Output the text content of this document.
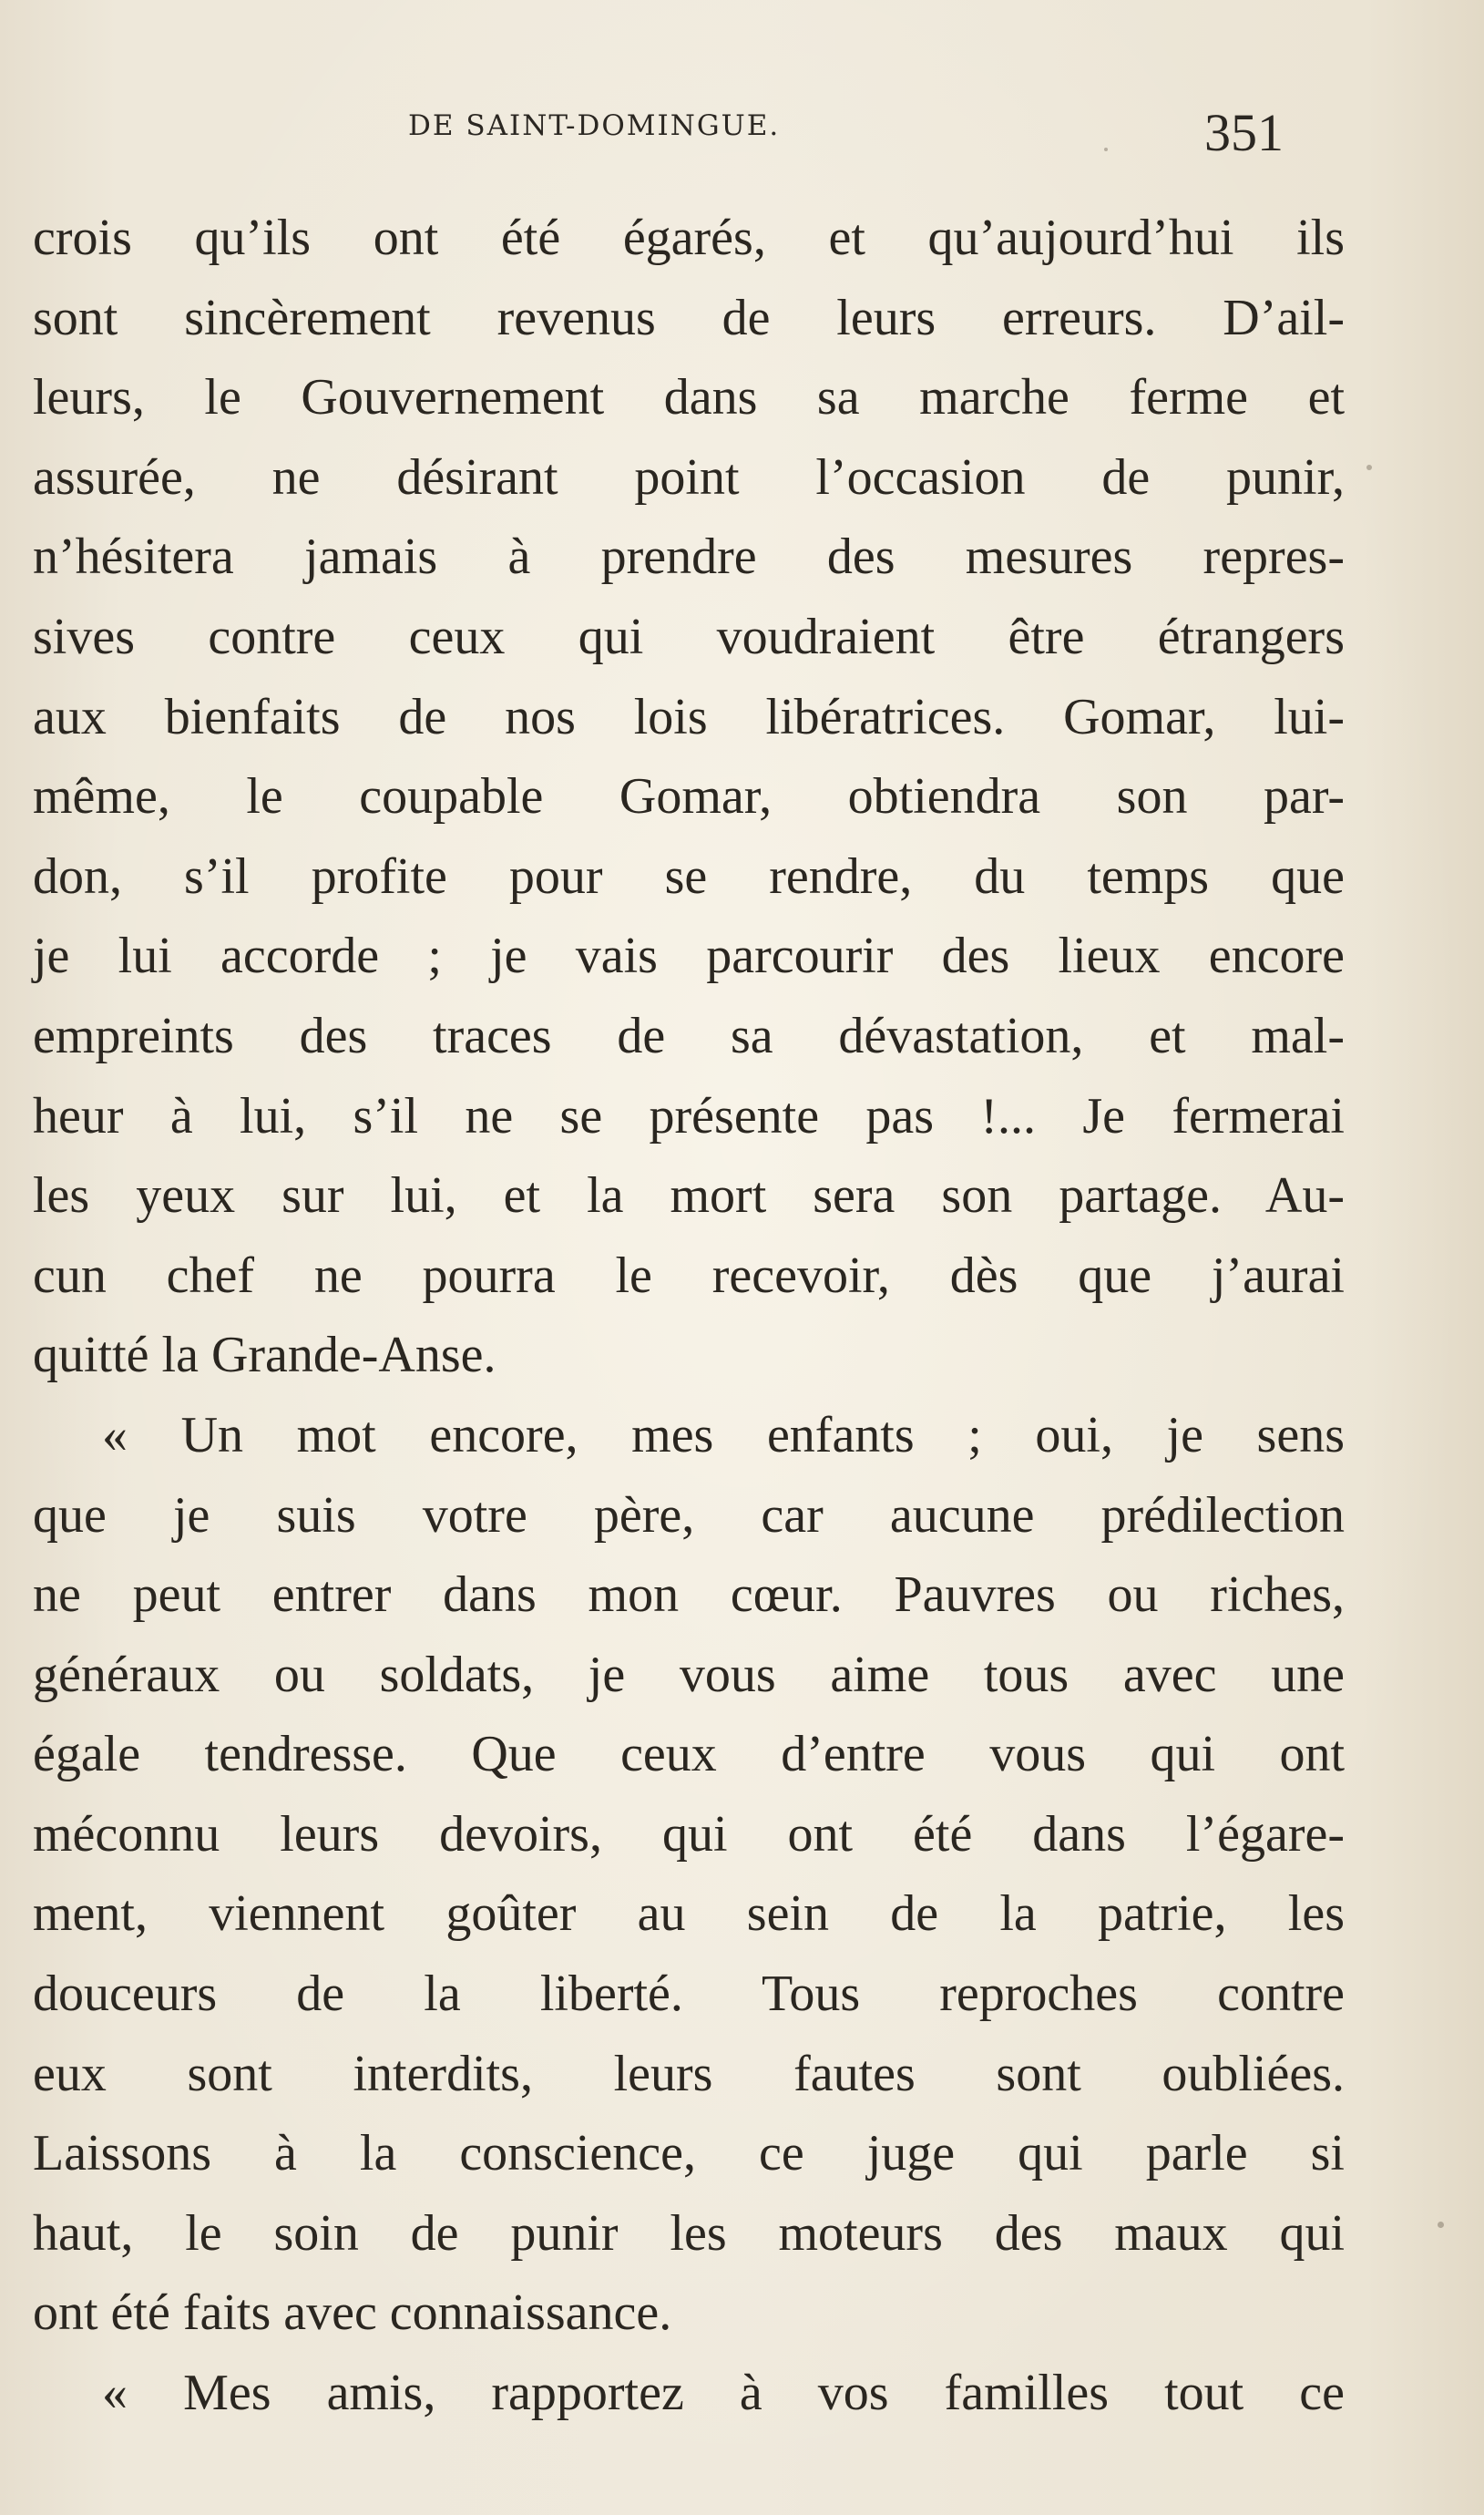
DE SAINT-DOMINGUE.	351
crois qu’ils ont été égarés, et qu’aujourd’hui ils
sont sincèrement revenus de leurs erreurs. D’ail-
leurs, le Gouvernement dans sa marche ferme et
assurée, ne désirant point l’occasion de punir,
n’hésitera jamais à prendre des mesures repres-
sives contre ceux qui voudraient être étrangers
aux bienfaits de nos lois libératrices. Gomar, lui-
même, le coupable Gomar, obtiendra son par-
don, s’il profite pour se rendre, du temps que
je lui accorde ; je vais parcourir des lieux encore
empreints des traces de sa dévastation, et mal-
heur à lui, s’il ne se présente pas !... Je fermerai
les yeux sur lui, et la mort sera son partage. Au-
cun chef ne pourra le recevoir, dès que j’aurai
quitté la Grande-Anse.
« Un mot encore, mes enfants ; oui, je sens
que je suis votre père, car aucune prédilection
ne peut entrer dans mon cœur. Pauvres ou riches,
généraux ou soldats, je vous aime tous avec une
égale tendresse. Que ceux d’entre vous qui ont
méconnu leurs devoirs, qui ont été dans l’égare-
ment, viennent goûter au sein de la patrie, les
douceurs de la liberté. Tous reproches contre
eux sont interdits, leurs fautes sont oubliées.
Laissons à la conscience, ce juge qui parle si
haut, le soin de punir les moteurs des maux qui
ont été faits avec connaissance.
« Mes amis, rapportez à vos familles tout ce
